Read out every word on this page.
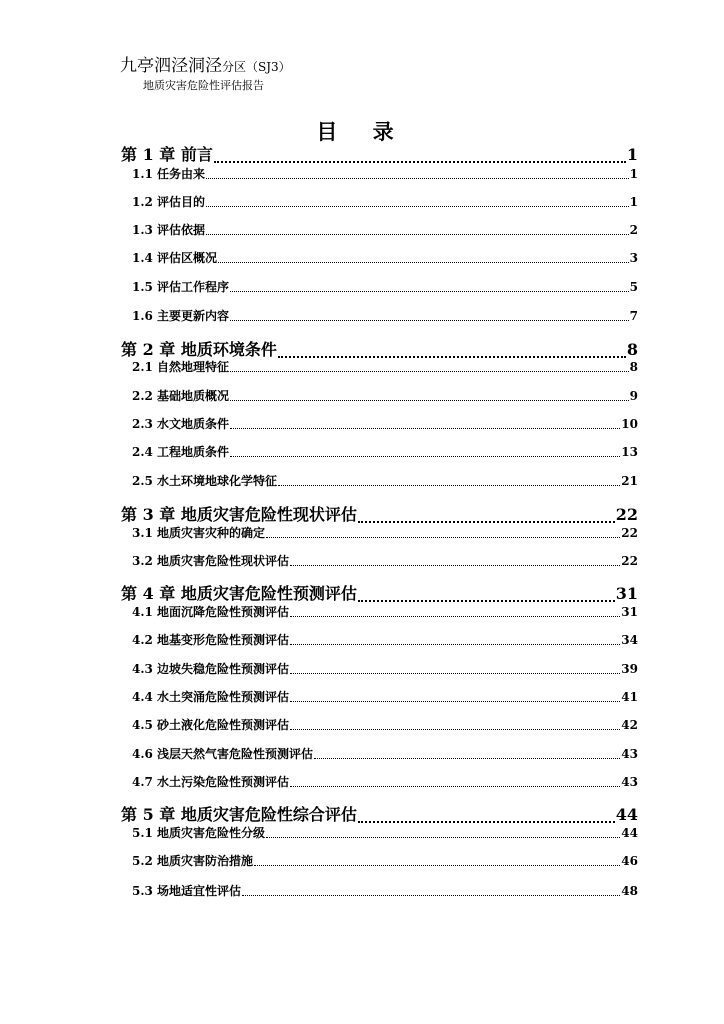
九亭泗泾洞泾分区（SJ3）
地质灾害危险性评估报告
目 录
第 1 章 前言	1
1.1 任务由来	1
1.2 评估目的	1
1.3 评估依据	2
1.4 评估区概况	3
1.5 评估工作程序	5
1.6 主要更新内容	7
第 2 章 地质环境条件	8
2.1 自然地理特征	8
2.2 基础地质概况	9
2.3 水文地质条件	10
2.4 工程地质条件	13
2.5 水土环境地球化学特征	21
第 3 章 地质灾害危险性现状评估	22
3.1 地质灾害灾种的确定	22
3.2 地质灾害危险性现状评估	22
第 4 章 地质灾害危险性预测评估	31
4.1 地面沉降危险性预测评估	31
4.2 地基变形危险性预测评估	34
4.3 边坡失稳危险性预测评估	39
4.4 水土突涌危险性预测评估	41
4.5 砂土液化危险性预测评估	42
4.6 浅层天然气害危险性预测评估	43
4.7 水土污染危险性预测评估	43
第 5 章 地质灾害危险性综合评估	44
5.1 地质灾害危险性分级	44
5.2 地质灾害防治措施	46
5.3 场地适宜性评估	48
